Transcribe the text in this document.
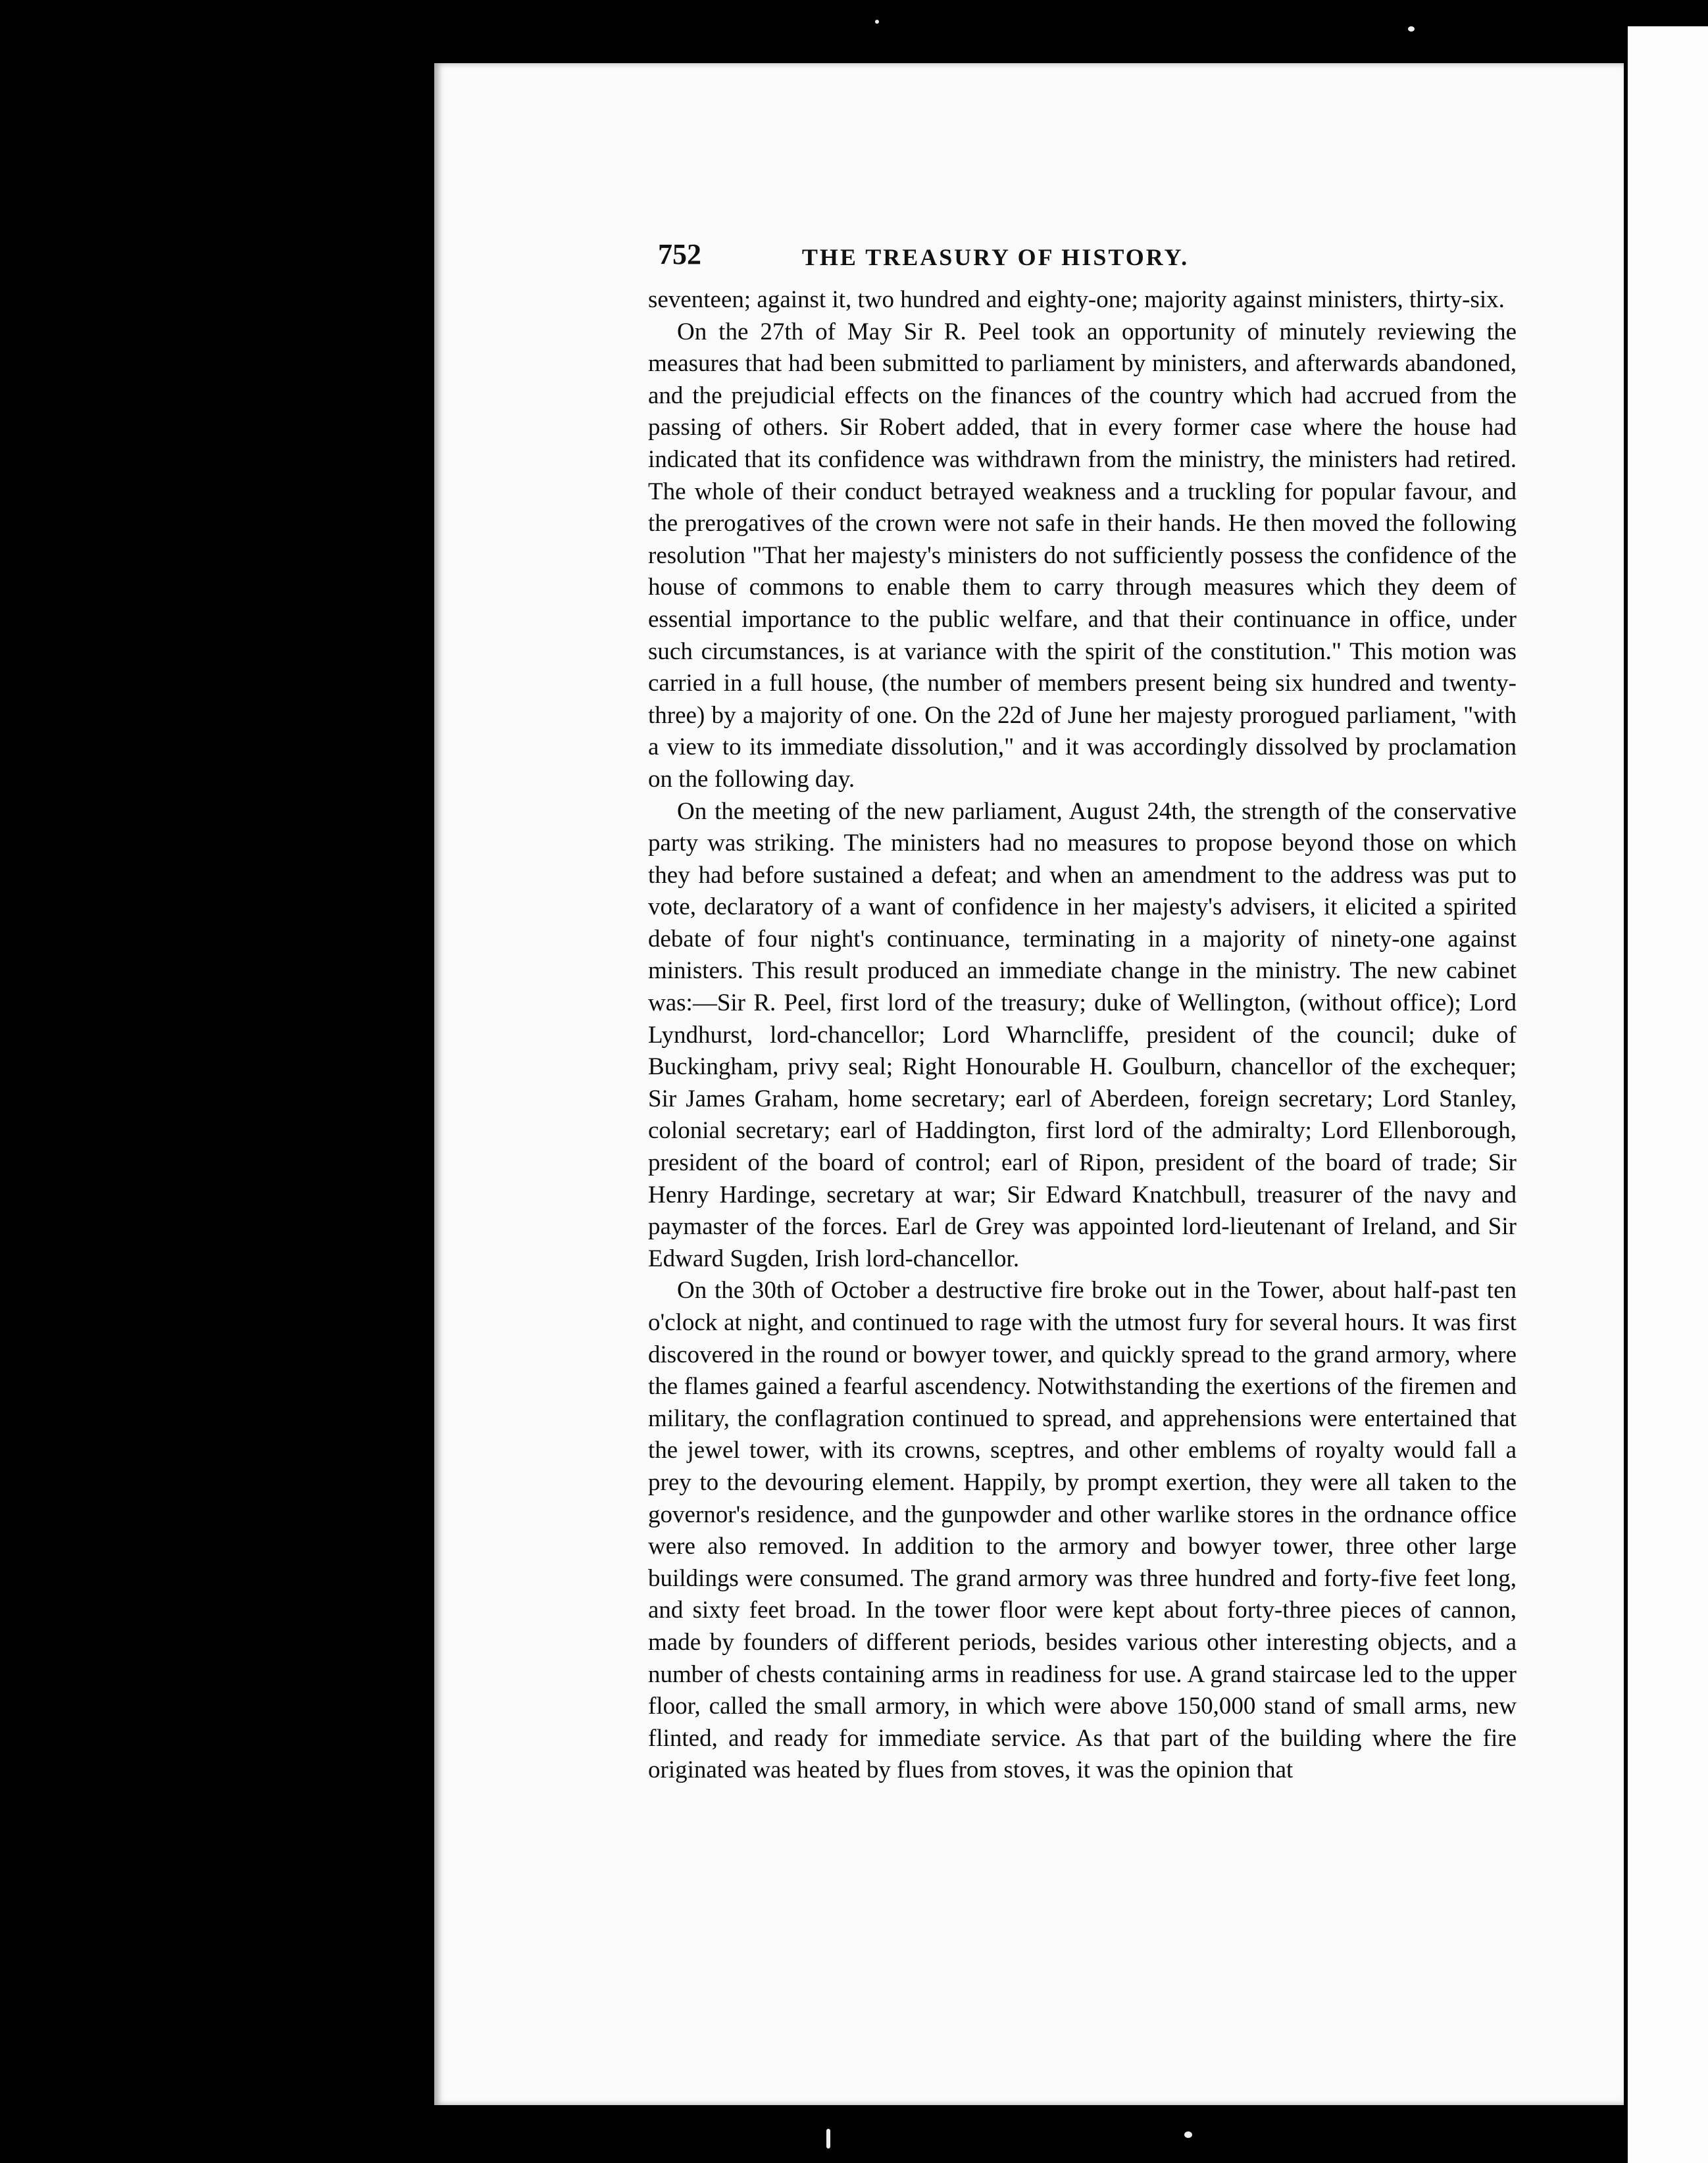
752	THE TREASURY OF HISTORY.

seventeen; against it, two hundred and eighty-one; majority against ministers, thirty-six.

On the 27th of May Sir R. Peel took an opportunity of minutely reviewing the measures that had been submitted to parliament by ministers, and afterwards abandoned, and the prejudicial effects on the finances of the country which had accrued from the passing of others. Sir Robert added, that in every former case where the house had indicated that its confidence was withdrawn from the ministry, the ministers had retired. The whole of their conduct betrayed weakness and a truckling for popular favour, and the prerogatives of the crown were not safe in their hands. He then moved the following resolution "That her majesty's ministers do not sufficiently possess the confidence of the house of commons to enable them to carry through measures which they deem of essential importance to the public welfare, and that their continuance in office, under such circumstances, is at variance with the spirit of the constitution." This motion was carried in a full house, (the number of members present being six hundred and twenty-three) by a majority of one. On the 22d of June her majesty prorogued parliament, "with a view to its immediate dissolution," and it was accordingly dissolved by proclamation on the following day.

On the meeting of the new parliament, August 24th, the strength of the conservative party was striking. The ministers had no measures to propose beyond those on which they had before sustained a defeat; and when an amendment to the address was put to vote, declaratory of a want of confidence in her majesty's advisers, it elicited a spirited debate of four night's continuance, terminating in a majority of ninety-one against ministers. This result produced an immediate change in the ministry. The new cabinet was:—Sir R. Peel, first lord of the treasury; duke of Wellington, (without office); Lord Lyndhurst, lord-chancellor; Lord Wharncliffe, president of the council; duke of Buckingham, privy seal; Right Honourable H. Goulburn, chancellor of the exchequer; Sir James Graham, home secretary; earl of Aberdeen, foreign secretary; Lord Stanley, colonial secretary; earl of Haddington, first lord of the admiralty; Lord Ellenborough, president of the board of control; earl of Ripon, president of the board of trade; Sir Henry Hardinge, secretary at war; Sir Edward Knatchbull, treasurer of the navy and paymaster of the forces. Earl de Grey was appointed lord-lieutenant of Ireland, and Sir Edward Sugden, Irish lord-chancellor.

On the 30th of October a destructive fire broke out in the Tower, about half-past ten o'clock at night, and continued to rage with the utmost fury for several hours. It was first discovered in the round or bowyer tower, and quickly spread to the grand armory, where the flames gained a fearful ascendency. Notwithstanding the exertions of the firemen and military, the conflagration continued to spread, and apprehensions were entertained that the jewel tower, with its crowns, sceptres, and other emblems of royalty would fall a prey to the devouring element. Happily, by prompt exertion, they were all taken to the governor's residence, and the gunpowder and other warlike stores in the ordnance office were also removed. In addition to the armory and bowyer tower, three other large buildings were consumed. The grand armory was three hundred and forty-five feet long, and sixty feet broad. In the tower floor were kept about forty-three pieces of cannon, made by founders of different periods, besides various other interesting objects, and a number of chests containing arms in readiness for use. A grand staircase led to the upper floor, called the small armory, in which were above 150,000 stand of small arms, new flinted, and ready for immediate service. As that part of the building where the fire originated was heated by flues from stoves, it was the opinion that
